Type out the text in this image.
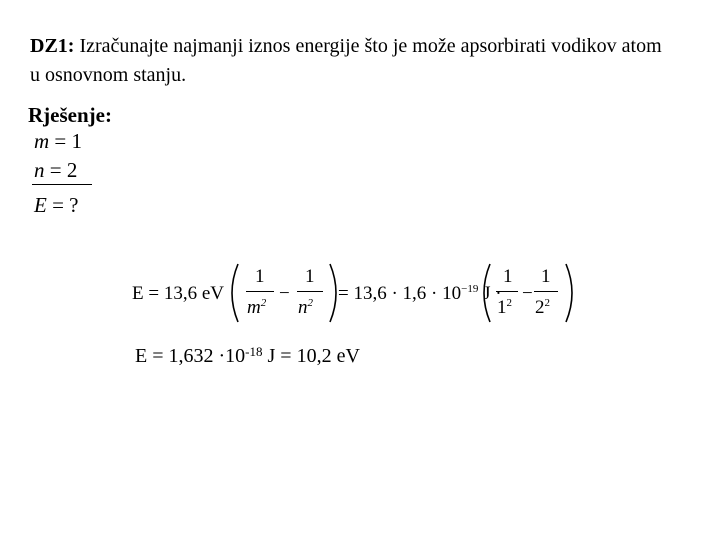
DZ1: Izračunajte najmanji iznos energije što je može apsorbirati vodikov atom u osnovnom stanju.
Rješenje:
m = 1
n = 2
E = ?
E = 13,6 eV
1
$m^2$ −
1
$n^2 = 13,6 \cdot 1,6 \cdot 10^{-19}$ J ·
1
$1^2$ −
1
$2^2$
$E = 1,632 \cdot 10^{-18}$ J = 10,2 eV
